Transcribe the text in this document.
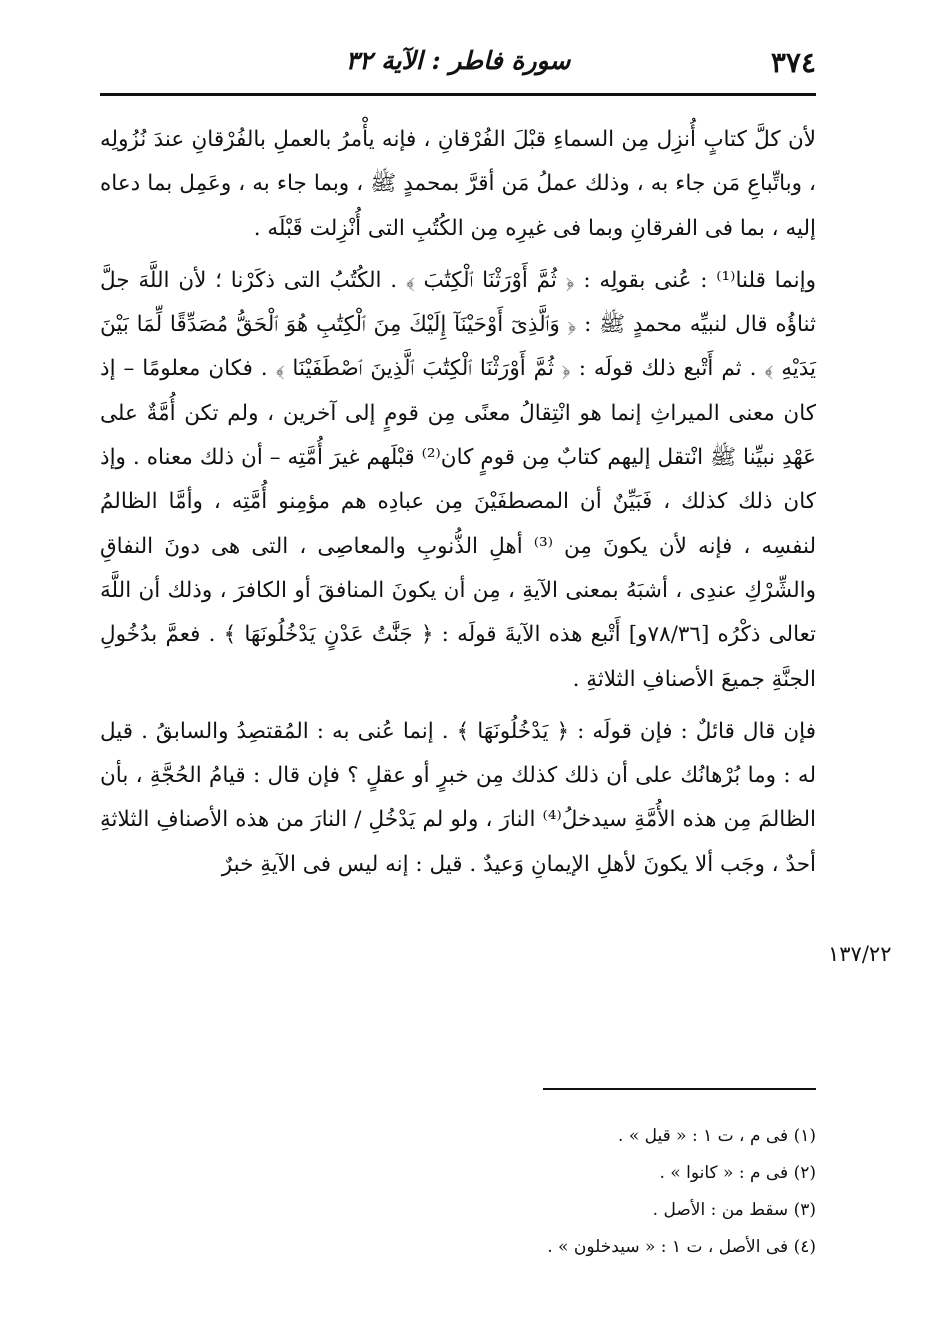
٣٧٤
سورة فاطر : الآية ٣٢

لأن كلَّ كتابٍ أُنزِل مِن السماءِ قبْلَ الفُرْقانِ ، فإنه يأْمرُ بالعملِ بالفُرْقانِ عندَ نُزُولِه ، وباتِّباعِ مَن جاء به ، وذلك عملُ مَن أقرَّ بمحمدٍ ﷺ ، وبما جاء به ، وعَمِل بما دعاه إليه ، بما فى الفرقانِ وبما فى غيرِه مِن الكُتُبِ التى أُنْزِلت قَبْلَه .

وإنما قلنا⁽¹⁾ : عُنى بقولِه : ﴿ ثُمَّ أَوْرَثْنَا ٱلْكِتَٰبَ ﴾ . الكُتُبُ التى ذكَرْنا ؛ لأن اللَّهَ جلَّ ثناؤُه قال لنبيِّه محمدٍ ﷺ : ﴿ وَٱلَّذِىٓ أَوْحَيْنَآ إِلَيْكَ مِنَ ٱلْكِتَٰبِ هُوَ ٱلْحَقُّ مُصَدِّقًا لِّمَا بَيْنَ يَدَيْهِ ﴾ . ثم أَتْبع ذلك قولَه : ﴿ ثُمَّ أَوْرَثْنَا ٱلْكِتَٰبَ ٱلَّذِينَ ٱصْطَفَيْنَا ﴾ . فكان معلومًا – إذ كان معنى الميراثِ إنما هو انْتِقالُ معنًى مِن قومٍ إلى آخرين ، ولم تكن أُمَّةٌ على عَهْدِ نبيِّنا ﷺ انْتقل إليهم كتابٌ مِن قومٍ كان⁽²⁾ قبْلَهم غيرَ أُمَّتِه – أن ذلك معناه . وإذ كان ذلك كذلك ، فَبَيِّنٌ أن المصطفَيْنَ مِن عبادِه هم مؤمِنو أُمَّتِه ، وأمَّا الظالمُ لنفسِه ، فإنه لأن يكونَ مِن ⁽³⁾ أهلِ الذُّنوبِ والمعاصِى ، التى هى دونَ النفاقِ والشِّرْكِ عندِى ، أشبَهُ بمعنى الآيةِ ، مِن أن يكونَ المنافقَ أو الكافرَ ، وذلك أن اللَّهَ تعالى ذكْرُه [٧٨/٣٦و] أَتْبع هذه الآيةَ قولَه : ﴿ جَنَّٰتُ عَدْنٍ يَدْخُلُونَهَا ﴾ . فعمَّ بدُخُولِ الجنَّةِ جميعَ الأصنافِ الثلاثةِ .

فإن قال قائلٌ : فإن قولَه : ﴿ يَدْخُلُونَهَا ﴾ . إنما عُنى به : المُقتصِدُ والسابقُ . قيل له : وما بُرْهانُك على أن ذلك كذلك مِن خبرٍ أو عقلٍ ؟ فإن قال : قيامُ الحُجَّةِ ، بأن الظالمَ مِن هذه الأُمَّةِ سيدخلُ⁽⁴⁾ النارَ ، ولو لم يَدْخُلِ / النارَ من هذه الأصنافِ الثلاثةِ أحدٌ ، وجَب ألا يكونَ لأهلِ الإيمانِ وَعيدٌ . قيل : إنه ليس فى الآيةِ خبرٌ

١٣٧/٢٢
(١) فى م ، ت ١ : « قيل » .
(٢) فى م : « كانوا » .
(٣) سقط من : الأصل .
(٤) فى الأصل ، ت ١ : « سيدخلون » .
